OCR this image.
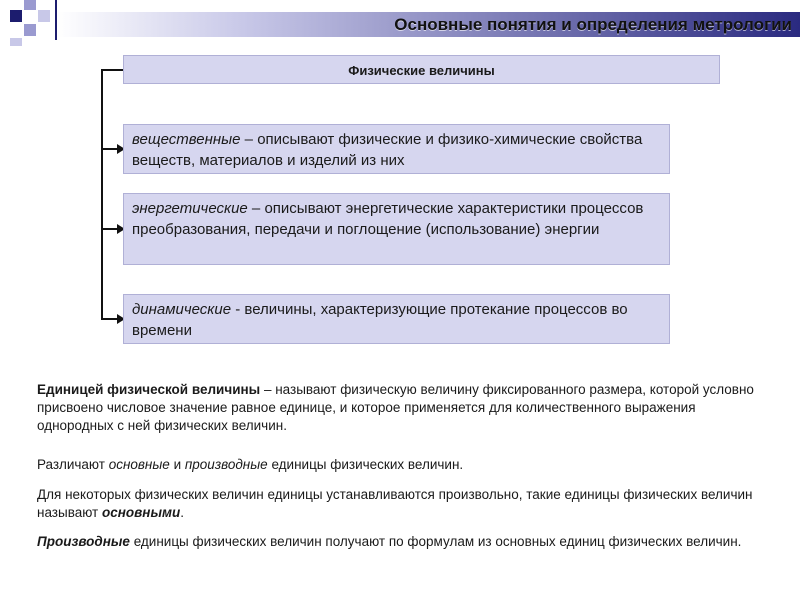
Основные понятия и определения метрологии
Физические величины
вещественные – описывают физические и физико-химические свойства веществ, материалов и изделий из них
энергетические – описывают энергетические характеристики процессов преобразования, передачи и поглощение (использование) энергии
динамические - величины, характеризующие протекание процессов во времени
Единицей физической величины – называют физическую величину фиксированного размера, которой условно присвоено числовое значение равное единице, и которое применяется для количественного выражения однородных с ней физических величин.
Различают основные и производные единицы физических величин.
Для некоторых физических величин единицы устанавливаются произвольно, такие единицы физических величин называют основными.
Производные единицы физических величин получают по формулам из основных единиц физических величин.
